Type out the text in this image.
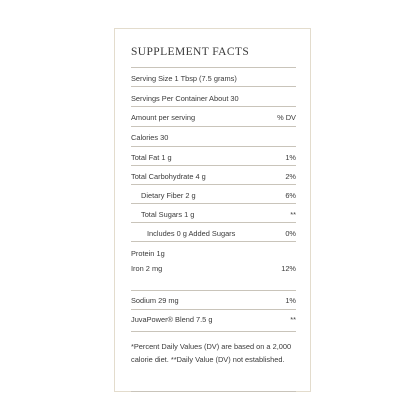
SUPPLEMENT FACTS
Serving Size 1 Tbsp (7.5 grams)
Servings Per Container About 30
Amount per serving	% DV
Calories 30
Total Fat 1 g	1%
Total Carbohydrate 4 g	2%
Dietary Fiber 2 g	6%
Total Sugars 1 g	**
Includes 0 g Added Sugars	0%
Protein 1g
Iron 2 mg	12%
Sodium 29 mg	1%
JuvaPower® Blend 7.5 g	**
*Percent Daily Values (DV) are based on a 2,000 calorie diet. **Daily Value (DV) not established.
